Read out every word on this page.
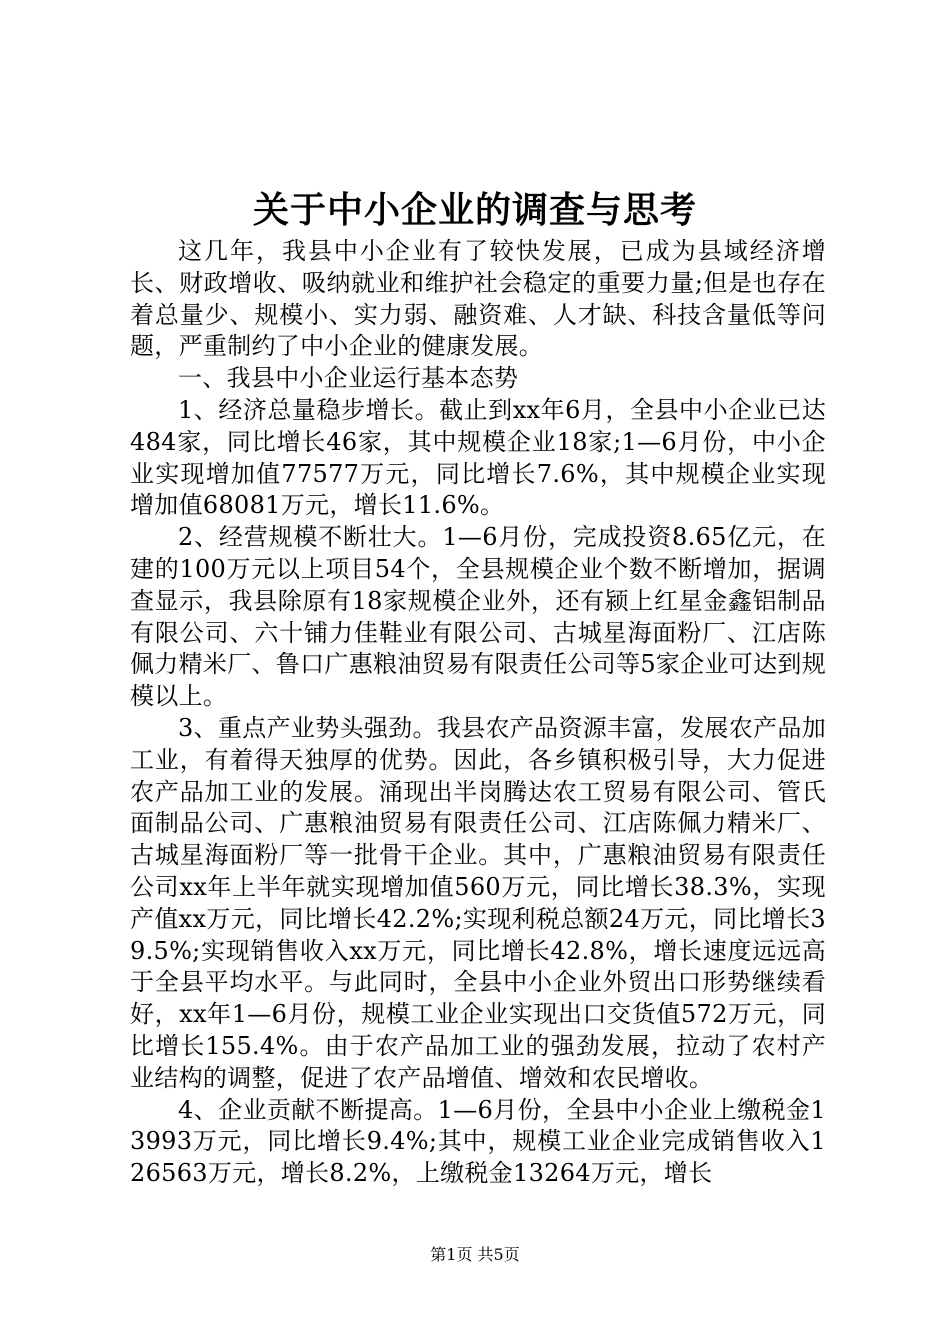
关于中小企业的调查与思考

这几年，我县中小企业有了较快发展，已成为县域经济增长、财政增收、吸纳就业和维护社会稳定的重要力量;但是也存在着总量少、规模小、实力弱、融资难、人才缺、科技含量低等问题，严重制约了中小企业的健康发展。

一、我县中小企业运行基本态势

1、经济总量稳步增长。截止到xx年6月，全县中小企业已达484家，同比增长46家，其中规模企业18家;1—6月份，中小企业实现增加值77577万元，同比增长7.6%，其中规模企业实现增加值68081万元，增长11.6%。

2、经营规模不断壮大。1—6月份，完成投资8.65亿元，在建的100万元以上项目54个，全县规模企业个数不断增加，据调查显示，我县除原有18家规模企业外，还有颍上红星金鑫铝制品有限公司、六十铺力佳鞋业有限公司、古城星海面粉厂、江店陈佩力精米厂、鲁口广惠粮油贸易有限责任公司等5家企业可达到规模以上。

3、重点产业势头强劲。我县农产品资源丰富，发展农产品加工业，有着得天独厚的优势。因此，各乡镇积极引导，大力促进农产品加工业的发展。涌现出半岗腾达农工贸易有限公司、管氏面制品公司、广惠粮油贸易有限责任公司、江店陈佩力精米厂、古城星海面粉厂等一批骨干企业。其中，广惠粮油贸易有限责任公司xx年上半年就实现增加值560万元，同比增长38.3%，实现产值xx万元，同比增长42.2%;实现利税总额24万元，同比增长39.5%;实现销售收入xx万元，同比增长42.8%，增长速度远远高于全县平均水平。与此同时，全县中小企业外贸出口形势继续看好，xx年1—6月份，规模工业企业实现出口交货值572万元，同比增长155.4%。由于农产品加工业的强劲发展，拉动了农村产业结构的调整，促进了农产品增值、增效和农民增收。

4、企业贡献不断提高。1—6月份，全县中小企业上缴税金13993万元，同比增长9.4%;其中，规模工业企业完成销售收入126563万元，增长8.2%，上缴税金13264万元，增长

第1页 共5页
